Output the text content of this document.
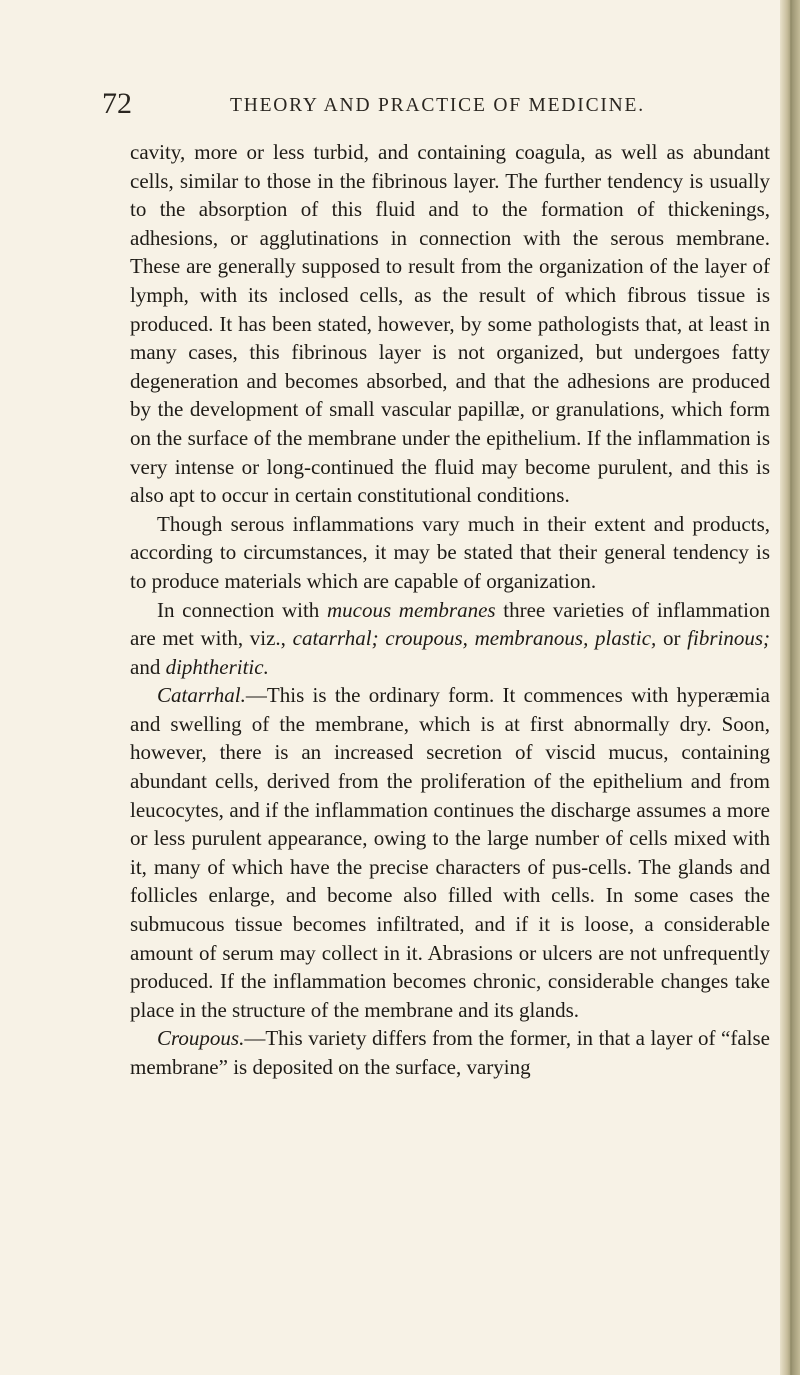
72	THEORY AND PRACTICE OF MEDICINE.

cavity, more or less turbid, and containing coagula, as well as abundant cells, similar to those in the fibrinous layer. The further tendency is usually to the absorption of this fluid and to the formation of thickenings, adhesions, or agglutinations in connection with the serous membrane. These are generally supposed to result from the organization of the layer of lymph, with its inclosed cells, as the result of which fibrous tissue is produced. It has been stated, however, by some pathologists that, at least in many cases, this fibrinous layer is not organized, but undergoes fatty degeneration and becomes absorbed, and that the adhesions are produced by the development of small vascular papillæ, or granulations, which form on the surface of the membrane under the epithelium. If the inflammation is very intense or long-continued the fluid may become purulent, and this is also apt to occur in certain constitutional conditions.

Though serous inflammations vary much in their extent and products, according to circumstances, it may be stated that their general tendency is to produce materials which are capable of organization.

In connection with mucous membranes three varieties of inflammation are met with, viz., catarrhal; croupous, membranous, plastic, or fibrinous; and diphtheritic.

Catarrhal.—This is the ordinary form. It commences with hyperæmia and swelling of the membrane, which is at first abnormally dry. Soon, however, there is an increased secretion of viscid mucus, containing abundant cells, derived from the proliferation of the epithelium and from leucocytes, and if the inflammation continues the discharge assumes a more or less purulent appearance, owing to the large number of cells mixed with it, many of which have the precise characters of pus-cells. The glands and follicles enlarge, and become also filled with cells. In some cases the submucous tissue becomes infiltrated, and if it is loose, a considerable amount of serum may collect in it. Abrasions or ulcers are not unfrequently produced. If the inflammation becomes chronic, considerable changes take place in the structure of the membrane and its glands.

Croupous.—This variety differs from the former, in that a layer of “false membrane” is deposited on the surface, varying
